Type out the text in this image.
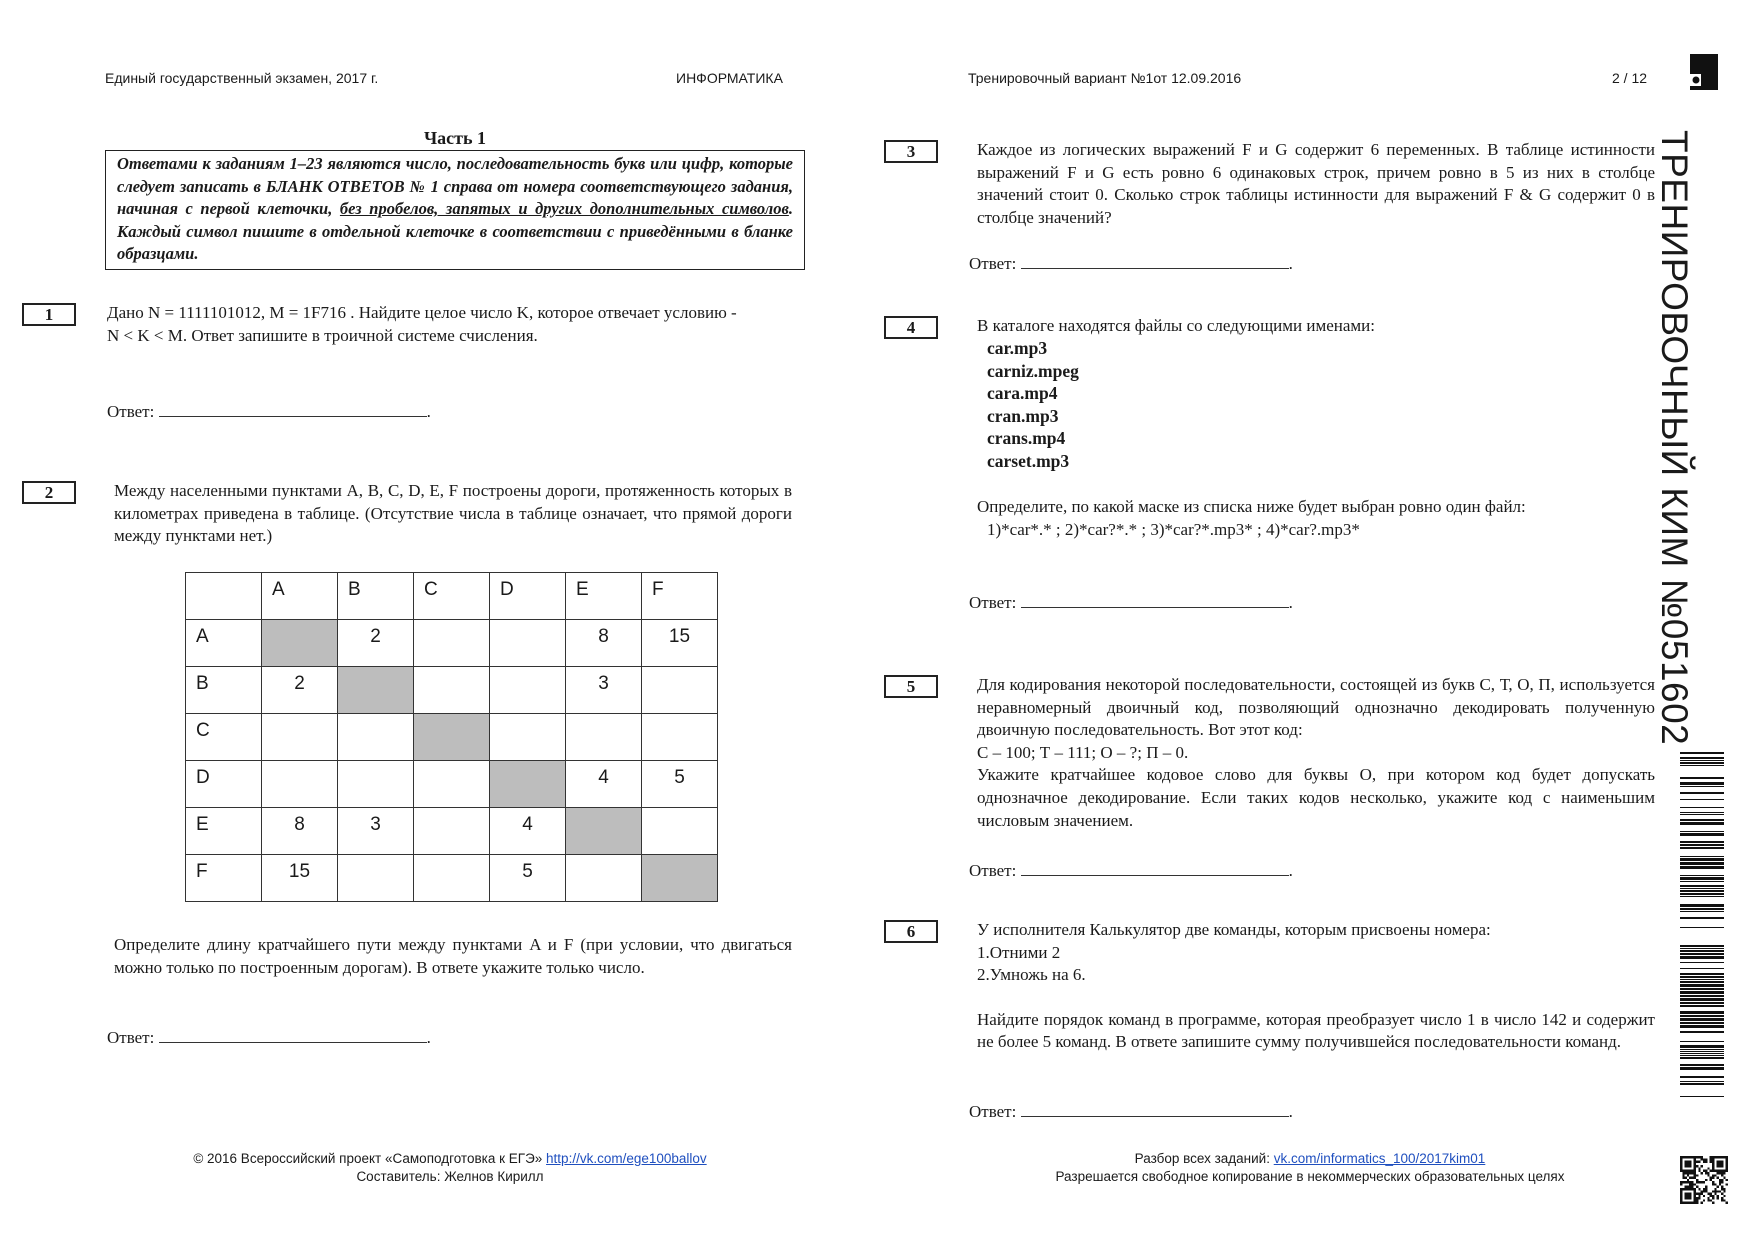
Единый государственный экзамен, 2017 г.	ИНФОРМАТИКА	Тренировочный вариант №1от 12.09.2016	2 / 12
ТРЕНИРОВОЧНЫЙ КИМ №051602
Часть 1
Ответами к заданиям 1–23 являются число, последовательность букв или цифр, которые следует записать в БЛАНК ОТВЕТОВ № 1 справа от номера соответствующего задания, начиная с первой клеточки, без пробелов, запятых и других дополнительных символов. Каждый символ пишите в отдельной клеточке в соответствии с приведёнными в бланке образцами.
1	Дано N = 1111101012, M = 1F716 . Найдите целое число K, которое отвечает условию -
N < K < M. Ответ запишите в троичной системе счисления.
Ответ:	.
2	Между населенными пунктами A, B, C, D, E, F построены дороги, протяженность которых в километрах приведена в таблице. (Отсутствие числа в таблице означает, что прямой дороги между пунктами нет.)

	A	B	C	D	E	F

A		2			8	15

B	2				3	

C						

D					4	5

E	8	3		4		

F	15			5		

Определите длину кратчайшего пути между пунктами A и F (при условии, что двигаться можно только по построенным дорогам). В ответе укажите только число.
Ответ:	.
3	Каждое из логических выражений F и G содержит 6 переменных. В таблице истинности выражений F и G есть ровно 6 одинаковых строк, причем ровно в 5 из них в столбце значений стоит 0. Сколько строк таблицы истинности для выражений F & G содержит 0 в столбце значений?
Ответ:	.
4	В каталоге находятся файлы со следующими именами:
car.mp3
carniz.mpeg
cara.mp4
cran.mp3
crans.mp4
carset.mp3
Определите, по какой маске из списка ниже будет выбран ровно один файл:
1)*car*.* ; 2)*car?*.* ; 3)*car?*.mp3* ; 4)*car?.mp3*
Ответ:	.
5	Для кодирования некоторой последовательности, состоящей из букв С, Т, О, П, используется неравномерный двоичный код, позволяющий однозначно декодировать полученную двоичную последовательность. Вот этот код:
С – 100; Т – 111; О – ?; П – 0.
Укажите кратчайшее кодовое слово для буквы О, при котором код будет допускать однозначное декодирование. Если таких кодов несколько, укажите код с наименьшим числовым значением.
Ответ:	.
6	У исполнителя Калькулятор две команды, которым присвоены номера:
1.Отними 2
2.Умножь на 6.
Найдите порядок команд в программе, которая преобразует число 1 в число 142 и содержит не более 5 команд. В ответе запишите сумму получившейся последовательности команд.
Ответ:	.
© 2016 Всероссийский проект «Самоподготовка к ЕГЭ» http://vk.com/ege100ballov
Составитель: Желнов Кирилл
Разбор всех заданий: vk.com/informatics_100/2017kim01
Разрешается свободное копирование в некоммерческих образовательных целях
